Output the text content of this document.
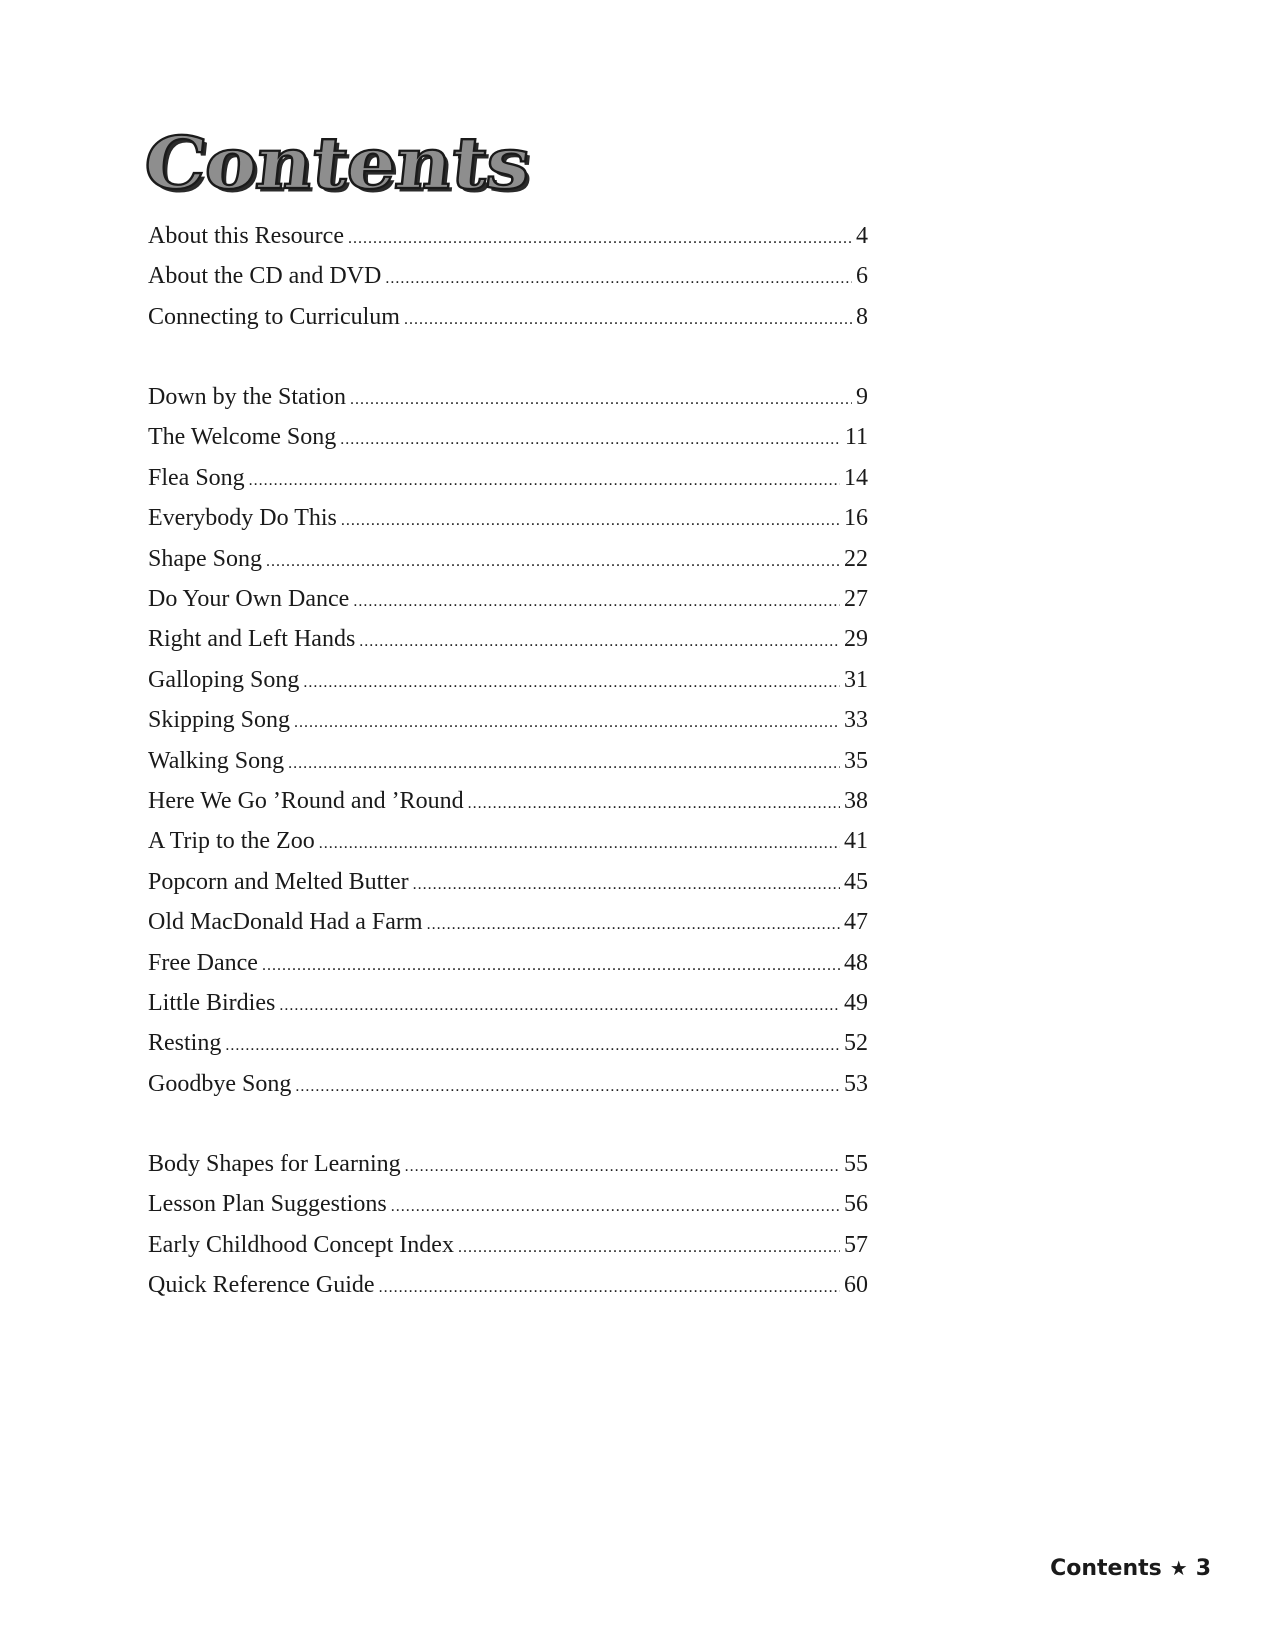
Contents
About this Resource .....	4
About the CD and DVD .....	6
Connecting to Curriculum .....	8
Down by the Station .....	9
The Welcome Song .....	11
Flea Song .....	14
Everybody Do This .....	16
Shape Song .....	22
Do Your Own Dance .....	27
Right and Left Hands .....	29
Galloping Song .....	31
Skipping Song .....	33
Walking Song .....	35
Here We Go ’Round and ’Round .....	38
A Trip to the Zoo .....	41
Popcorn and Melted Butter .....	45
Old MacDonald Had a Farm .....	47
Free Dance .....	48
Little Birdies .....	49
Resting .....	52
Goodbye Song .....	53
Body Shapes for Learning .....	55
Lesson Plan Suggestions .....	56
Early Childhood Concept Index .....	57
Quick Reference Guide .....	60
Contents ★ 3
